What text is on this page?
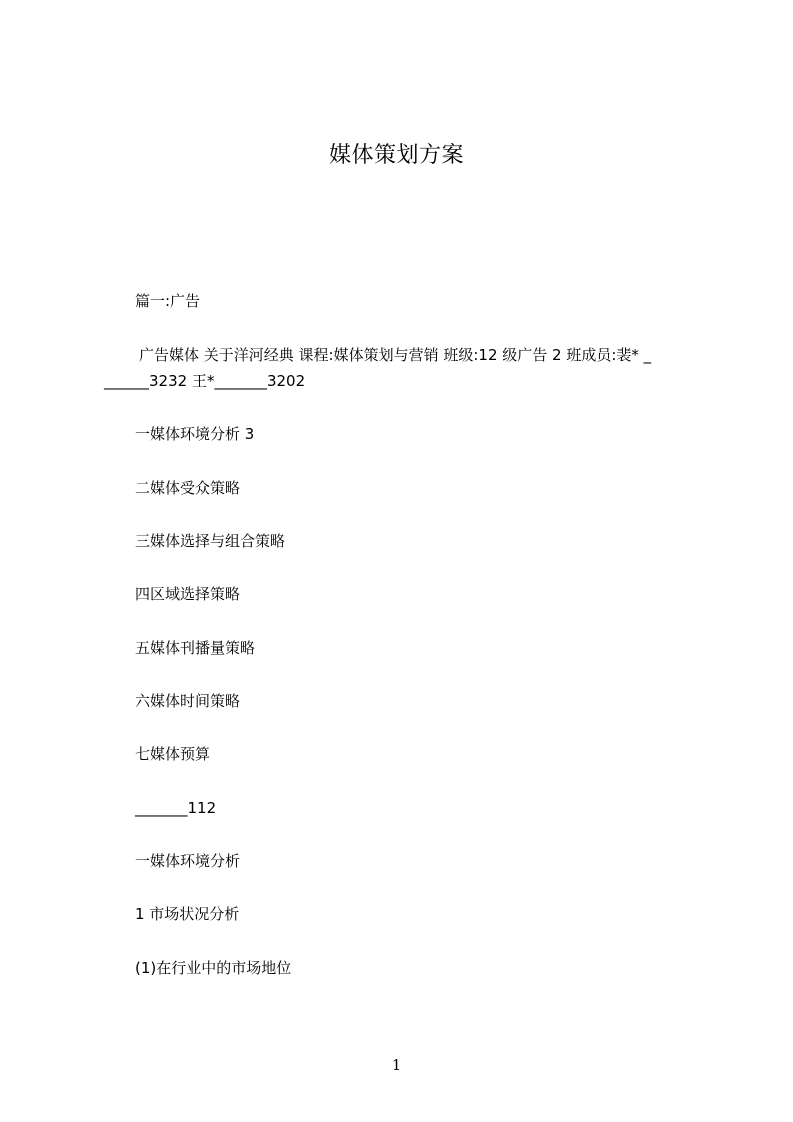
媒体策划方案
篇一:广告
广告媒体 关于洋河经典 课程:媒体策划与营销 班级:12 级广告 2 班成员:裴* _
______3232 王*_______3202
一媒体环境分析 3
二媒体受众策略
三媒体选择与组合策略
四区域选择策略
五媒体刊播量策略
六媒体时间策略
七媒体预算
_______112
一媒体环境分析
1 市场状况分析
(1)在行业中的市场地位
1
